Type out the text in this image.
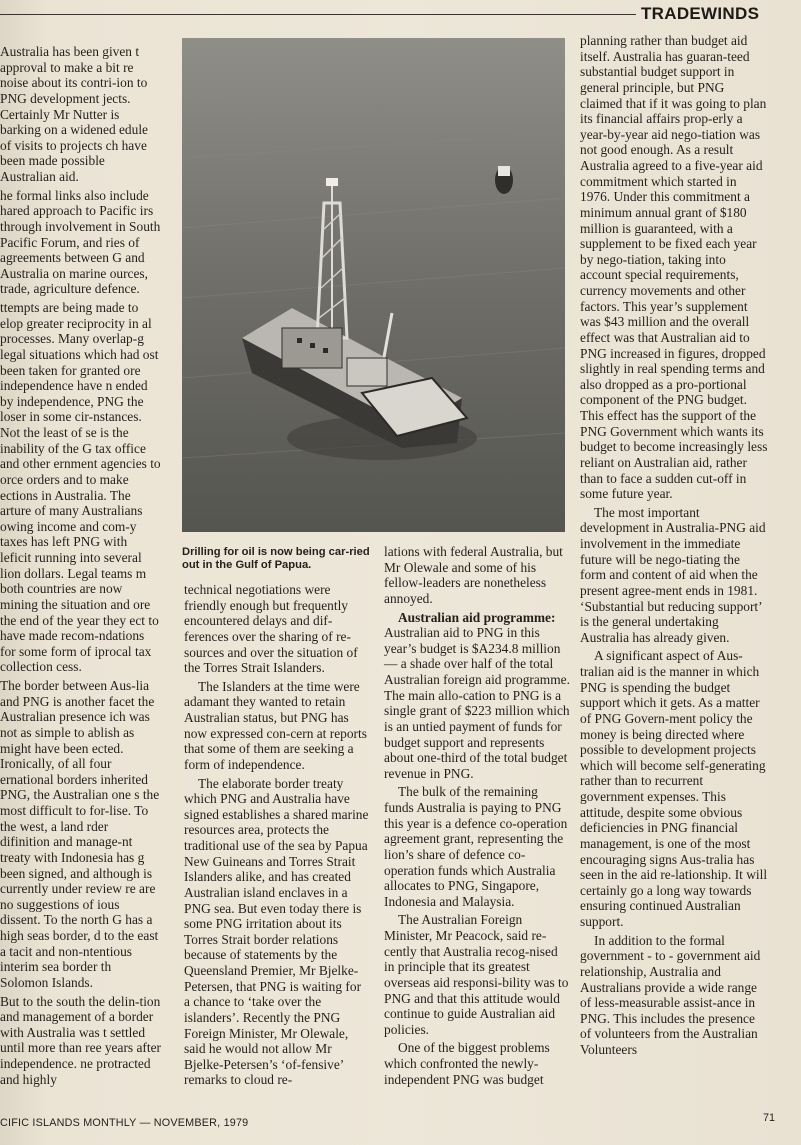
TRADEWINDS

Australia has been given t approval to make a bit re noise about its contri-ion to PNG development jects. Certainly Mr Nutter is barking on a widened edule of visits to projects ch have been made possible Australian aid.

he formal links also include hared approach to Pacific irs through involvement in South Pacific Forum, and ries of agreements between G and Australia on marine ources, trade, agriculture defence.

ttempts are being made to elop greater reciprocity in al processes. Many overlap-g legal situations which had ost been taken for granted ore independence have n ended by independence, PNG the loser in some cir-nstances. Not the least of se is the inability of the G tax office and other ernment agencies to orce orders and to make ections in Australia. The arture of many Australians owing income and com-y taxes has left PNG with leficit running into several lion dollars. Legal teams m both countries are now mining the situation and ore the end of the year they ect to have made recom-ndations for some form of iprocal tax collection cess.

The border between Aus-lia and PNG is another facet the Australian presence ich was not as simple to ablish as might have been ected. Ironically, of all four ernational borders inherited PNG, the Australian one s the most difficult to for-lise. To the west, a land rder difinition and manage-nt treaty with Indonesia has g been signed, and although is currently under review re are no suggestions of ious dissent. To the north G has a high seas border, d to the east a tacit and non-ntentious interim sea border th Solomon Islands.

But to the south the delin-tion and management of a border with Australia was t settled until more than ree years after independence. ne protracted and highly

Drilling for oil is now being car-ried out in the Gulf of Papua.

technical negotiations were friendly enough but frequently encountered delays and dif-ferences over the sharing of re-sources and over the situation of the Torres Strait Islanders.

The Islanders at the time were adamant they wanted to retain Australian status, but PNG has now expressed con-cern at reports that some of them are seeking a form of independence.

The elaborate border treaty which PNG and Australia have signed establishes a shared marine resources area, protects the traditional use of the sea by Papua New Guineans and Torres Strait Islanders alike, and has created Australian island enclaves in a PNG sea. But even today there is some PNG irritation about its Torres Strait border relations because of statements by the Queensland Premier, Mr Bjelke-Petersen, that PNG is waiting for a chance to ‘take over the islanders’. Recently the PNG Foreign Minister, Mr Olewale, said he would not allow Mr Bjelke-Petersen’s ‘of-fensive’ remarks to cloud re-

lations with federal Australia, but Mr Olewale and some of his fellow-leaders are nonetheless annoyed.

Australian aid programme: Australian aid to PNG in this year’s budget is $A234.8 million — a shade over half of the total Australian foreign aid programme. The main allo-cation to PNG is a single grant of $223 million which is an untied payment of funds for budget support and represents about one-third of the total budget revenue in PNG.

The bulk of the remaining funds Australia is paying to PNG this year is a defence co-operation agreement grant, representing the lion’s share of defence co-operation funds which Australia allocates to PNG, Singapore, Indonesia and Malaysia.

The Australian Foreign Minister, Mr Peacock, said re-cently that Australia recog-nised in principle that its greatest overseas aid responsi-bility was to PNG and that this attitude would continue to guide Australian aid policies.

One of the biggest problems which confronted the newly-independent PNG was budget

planning rather than budget aid itself. Australia has guaran-teed substantial budget support in general principle, but PNG claimed that if it was going to plan its financial affairs prop-erly a year-by-year aid nego-tiation was not good enough. As a result Australia agreed to a five-year aid commitment which started in 1976. Under this commitment a minimum annual grant of $180 million is guaranteed, with a supplement to be fixed each year by nego-tiation, taking into account special requirements, currency movements and other factors. This year’s supplement was $43 million and the overall effect was that Australian aid to PNG increased in figures, dropped slightly in real spending terms and also dropped as a pro-portional component of the PNG budget. This effect has the support of the PNG Government which wants its budget to become increasingly less reliant on Australian aid, rather than to face a sudden cut-off in some future year.

The most important development in Australia-PNG aid involvement in the immediate future will be nego-tiating the form and content of aid when the present agree-ment ends in 1981. ‘Substantial but reducing support’ is the general undertaking Australia has already given.

A significant aspect of Aus-tralian aid is the manner in which PNG is spending the budget support which it gets. As a matter of PNG Govern-ment policy the money is being directed where possible to development projects which will become self-generating rather than to recurrent government expenses. This attitude, despite some obvious deficiencies in PNG financial management, is one of the most encouraging signs Aus-tralia has seen in the aid re-lationship. It will certainly go a long way towards ensuring continued Australian support.

In addition to the formal government - to - government aid relationship, Australia and Australians provide a wide range of less-measurable assist-ance in PNG. This includes the presence of volunteers from the Australian Volunteers

CIFIC ISLANDS MONTHLY — NOVEMBER, 1979	71
